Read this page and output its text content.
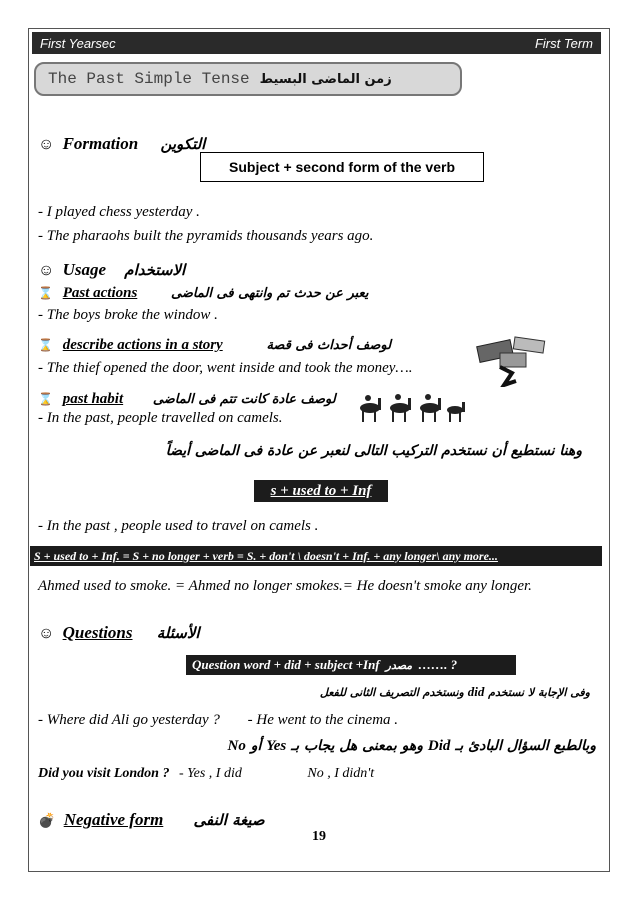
First Yearsec	First Term
The Past Simple Tense زمن الماضى البسيط
☺ Formation التكوين
Subject + second form of the verb
- I played chess yesterday .
- The pharaohs built the pyramids thousands years ago.
☺ Usage الاستخدام
⌛ Past actions	يعبر عن حدث تم وانتهى فى الماضى
- The boys broke the window .
⌛ describe actions in a story	لوصف أحداث فى قصة
- The thief opened the door, went inside and took the money….
⌛ past habit لوصف عادة كانت تتم فى الماضى
- In the past, people travelled on camels.
وهنا نستطيع أن نستخدم التركيب التالى لنعبر عن عادة فى الماضى أيضاً
s + used to + Inf
- In the past , people used to travel on camels .
S + used to + Inf. = S + no longer + verb = S. + don't \ doesn't + Inf. + any longer\ any more...
Ahmed used to smoke. = Ahmed no longer smokes.= He doesn't smoke any longer.
☺ Questions الأسئلة
Question word + did + subject +Inf مصدر ……. ?
وفى الإجابة لا نستخدم did ونستخدم التصريف الثانى للفعل
- Where did Ali go yesterday ? - He went to the cinema .
وبالطبع السؤال البادئ بـ Did وهو بمعنى هل يجاب بـ Yes أو No
Did you visit London ? - Yes , I did	No , I didn't
💣 Negative form صيغة النفى
19
